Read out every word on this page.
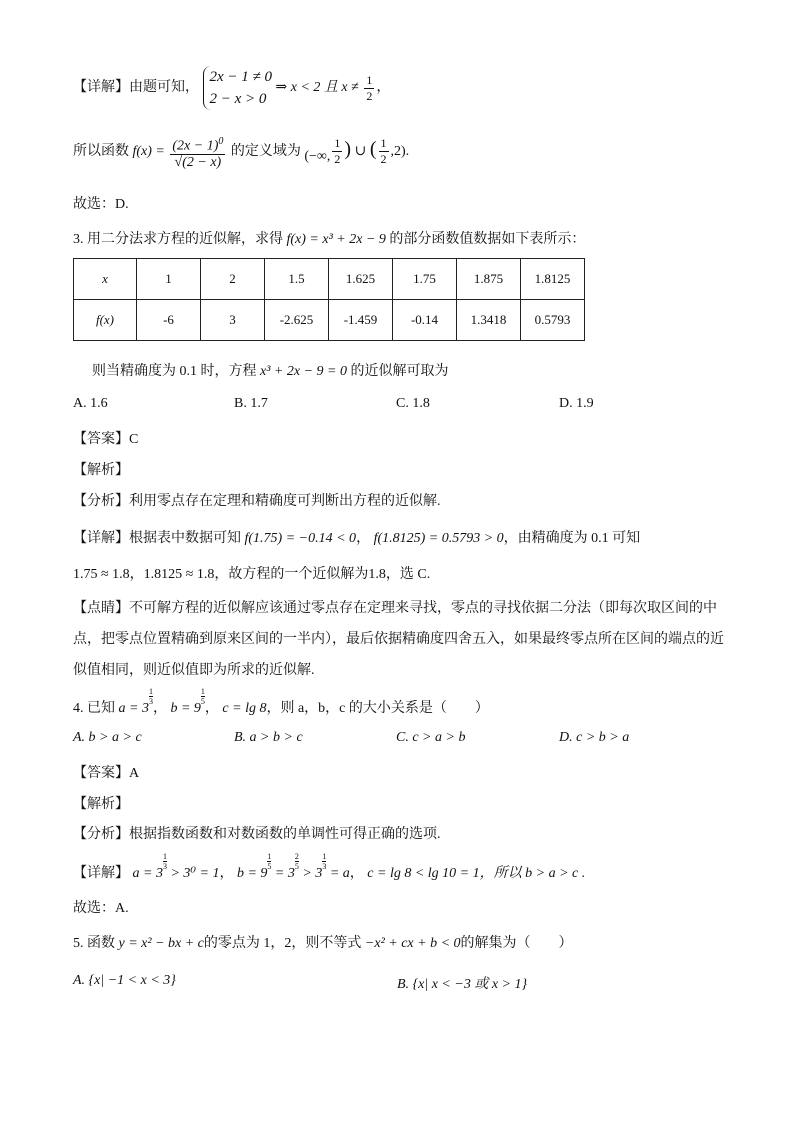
【详解】由题可知，
2x − 1 ≠ 0
2 − x > 0
⇒ x < 2 且 $x \ne \frac{1}{2}$ ，
所以函数 $f(x) = \frac{(2x - 1)^0}{√(2 - x)}$ 的定义域为 (−∞, $\frac{1}{2}$ ) ∪ ( $\frac{1}{2} ,2$).
故选：D.
3. 用二分法求方程的近似解，求得 f(x) = x³ + 2x − 9 的部分函数值数据如下表所示：
x	1	2	1.5	1.625	1.75	1.875	1.8125
f(x)	-6	3	-2.625	-1.459	-0.14	1.3418	0.5793
则当精确度为 0.1 时，方程 x³ + 2x − 9 = 0 的近似解可取为
A. 1.6	B. 1.7	C. 1.8	D. 1.9
【答案】C
【解析】
【分析】利用零点存在定理和精确度可判断出方程的近似解.
【详解】根据表中数据可知 f(1.75) = −0.14 < 0， f(1.8125) = 0.5793 > 0，由精确度为 0.1 可知
1.75 ≈ 1.8，1.8125 ≈ 1.8，故方程的一个近似解为1.8，选 C.
【点睛】不可解方程的近似解应该通过零点存在定理来寻找，零点的寻找依据二分法（即每次取区间的中
点，把零点位置精确到原来区间的一半内），最后依据精确度四舍五入，如果最终零点所在区间的端点的近
似值相同，则近似值即为所求的近似解.
4. 已知 a = 3
$\frac{1}{3}$， b = 9
$\frac{1}{5}$， c = lg 8，则 a，b，c 的大小关系是（　　）
A. b > a > c	B. a > b > c	C. c > a > b	D. c > b > a
【答案】A
【解析】
【分析】根据指数函数和对数函数的单调性可得正确的选项.
【详解】 a = 3
$\frac{1}{3} > 3^0 = 1$， b = 9
$\frac{1}{5} = 3$
$\frac{2}{5} > 3$
$\frac{1}{3} = a$， c = lg 8 < lg 10 = 1，所以 b > a > c .
故选：A.
5. 函数 y = x² − bx + c的零点为 1，2，则不等式 −x² + cx + b < 0的解集为（　　）
A. {x| −1 < x < 3}	B. {x| x < −3 或 x > 1}
